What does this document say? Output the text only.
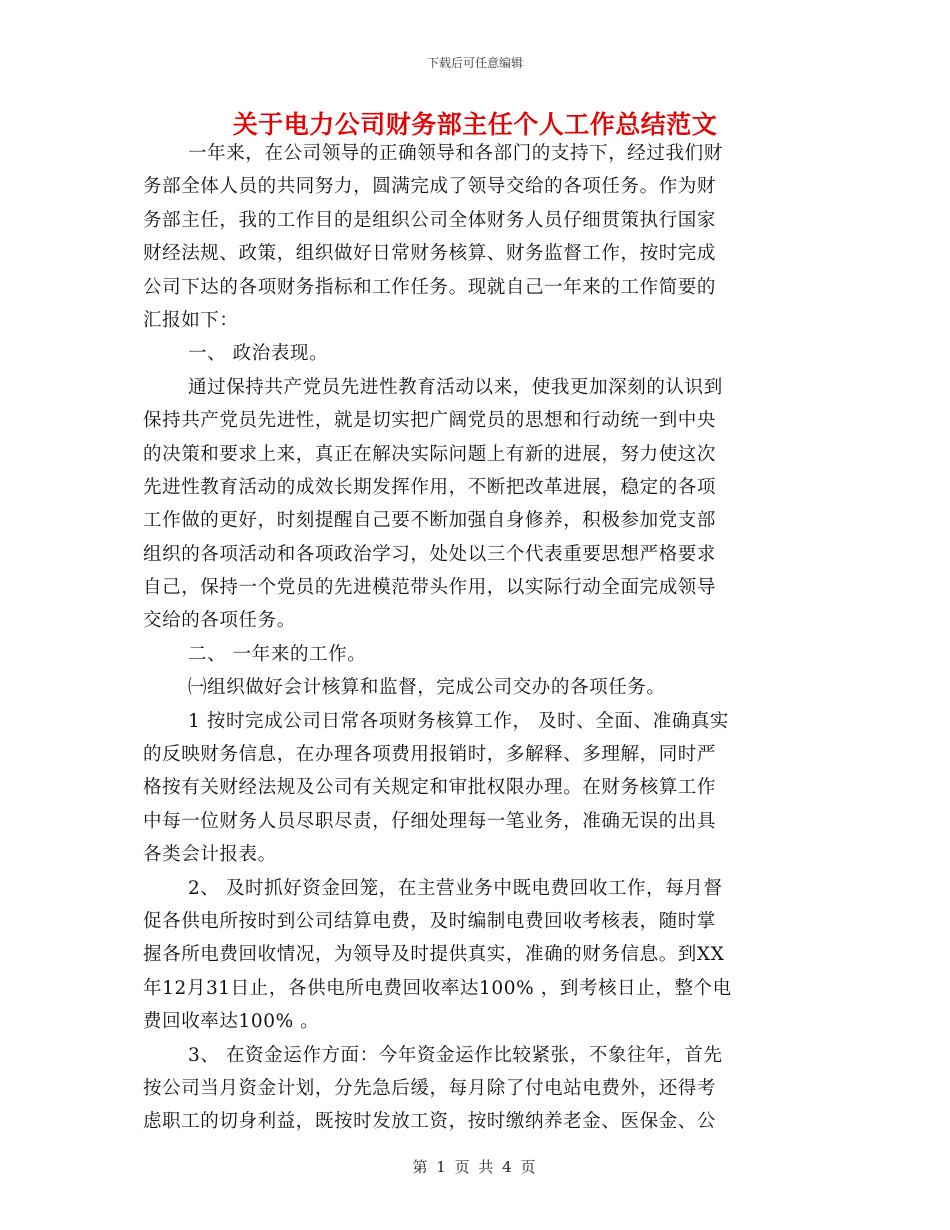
下载后可任意编辑
关于电力公司财务部主任个人工作总结范文
一年来，在公司领导的正确领导和各部门的支持下，经过我们财
务部全体人员的共同努力，圆满完成了领导交给的各项任务。作为财
务部主任，我的工作目的是组织公司全体财务人员仔细贯策执行国家
财经法规、政策，组织做好日常财务核算、财务监督工作，按时完成
公司下达的各项财务指标和工作任务。现就自己一年来的工作简要的
汇报如下：
一、 政治表现。
通过保持共产党员先进性教育活动以来，使我更加深刻的认识到
保持共产党员先进性，就是切实把广阔党员的思想和行动统一到中央
的决策和要求上来，真正在解决实际问题上有新的进展，努力使这次
先进性教育活动的成效长期发挥作用，不断把改革进展，稳定的各项
工作做的更好，时刻提醒自己要不断加强自身修养，积极参加党支部
组织的各项活动和各项政治学习，处处以三个代表重要思想严格要求
自己，保持一个党员的先进模范带头作用，以实际行动全面完成领导
交给的各项任务。
二、 一年来的工作。
㈠组织做好会计核算和监督，完成公司交办的各项任务。
1 按时完成公司日常各项财务核算工作， 及时、全面、准确真实
的反映财务信息，在办理各项费用报销时，多解释、多理解，同时严
格按有关财经法规及公司有关规定和审批权限办理。在财务核算工作
中每一位财务人员尽职尽责，仔细处理每一笔业务，准确无误的出具
各类会计报表。
2、 及时抓好资金回笼，在主营业务中既电费回收工作，每月督
促各供电所按时到公司结算电费，及时编制电费回收考核表，随时掌
握各所电费回收情况，为领导及时提供真实，准确的财务信息。到XX
年12月31日止，各供电所电费回收率达100% ，到考核日止，整个电
费回收率达100% 。
3、 在资金运作方面：今年资金运作比较紧张，不象往年，首先
按公司当月资金计划，分先急后缓，每月除了付电站电费外，还得考
虑职工的切身利益，既按时发放工资，按时缴纳养老金、医保金、公
第 1 页 共 4 页
